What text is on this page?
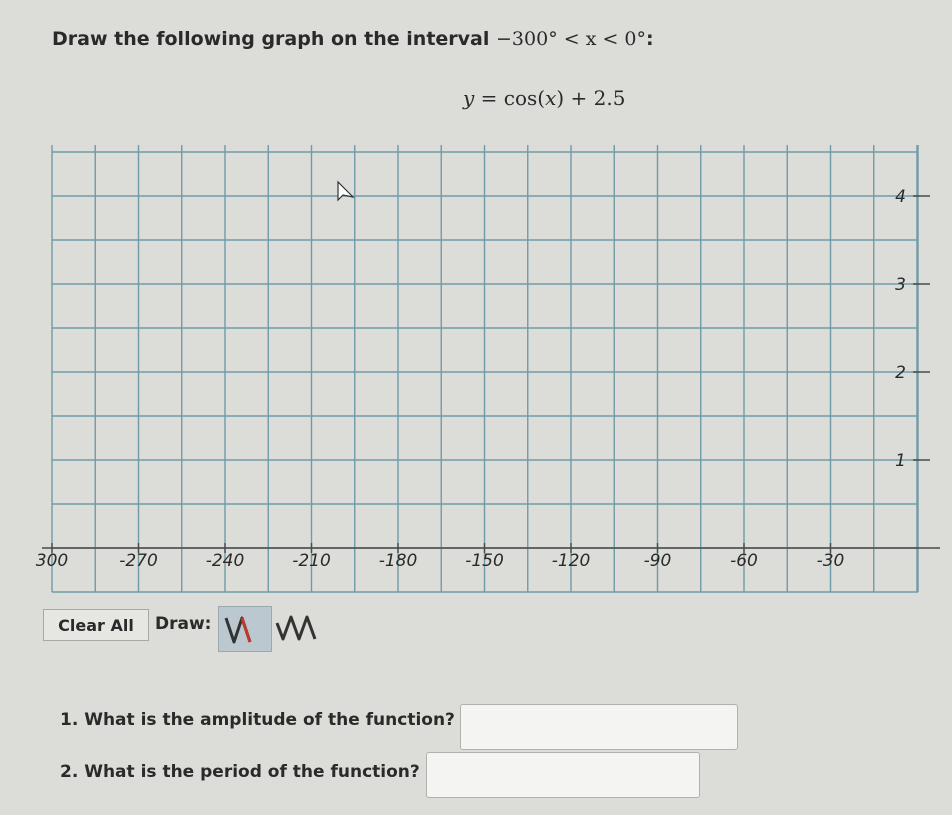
Draw the following graph on the interval −300° < x < 0°:
y = cos(x) + 2.5
300	-270	-240	-210	-180	-150	-120	-90	-60	-30
4
3
2
1
Clear All	Draw:
1. What is the amplitude of the function?
2. What is the period of the function?
